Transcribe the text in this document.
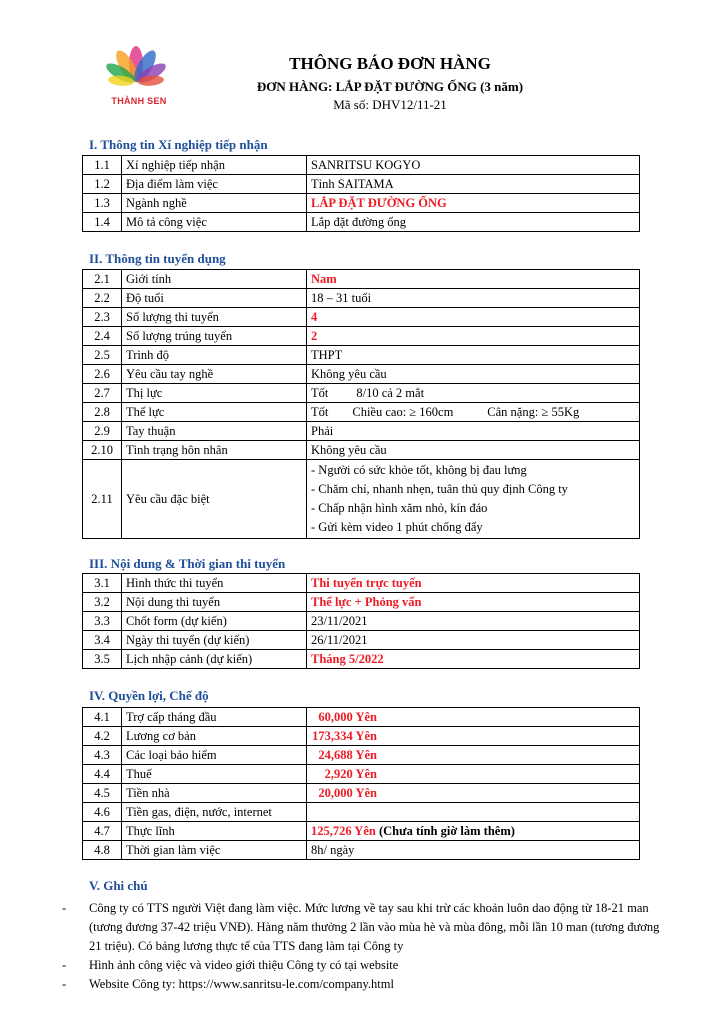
THÀNH SEN
THÔNG BÁO ĐƠN HÀNG
ĐƠN HÀNG: LẮP ĐẶT ĐƯỜNG ỐNG (3 năm)
Mã số: DHV12/11-21
I. Thông tin Xí nghiệp tiếp nhận
1.1	Xí nghiệp tiếp nhận	SANRITSU KOGYO
1.2	Địa điểm làm việc	Tỉnh SAITAMA
1.3	Ngành nghề	LẮP ĐẶT ĐƯỜNG ỐNG
1.4	Mô tả công việc	Lắp đặt đường ống
II. Thông tin tuyển dụng
2.1	Giới tính	Nam
2.2	Độ tuổi	18 – 31 tuổi
2.3	Số lượng thi tuyển	4
2.4	Số lượng trúng tuyển	2
2.5	Trình độ	THPT
2.6	Yêu cầu tay nghề	Không yêu cầu
2.7	Thị lực	Tốt 8/10 cả 2 mắt
2.8	Thể lực	Tốt Chiều cao: ≥ 160cm Cân nặng: ≥ 55Kg
2.9	Tay thuận	Phải
2.10	Tình trạng hôn nhân	Không yêu cầu
2.11	Yêu cầu đặc biệt	- Người có sức khỏe tốt, không bị đau lưng
- Chăm chỉ, nhanh nhẹn, tuân thủ quy định Công ty
- Chấp nhận hình xăm nhỏ, kín đáo
- Gửi kèm video 1 phút chống đẩy
III. Nội dung & Thời gian thi tuyển
3.1	Hình thức thi tuyển	Thi tuyển trực tuyến
3.2	Nội dung thi tuyển	Thể lực + Phỏng vấn
3.3	Chốt form (dự kiến)	23/11/2021
3.4	Ngày thi tuyển (dự kiến)	26/11/2021
3.5	Lịch nhập cảnh (dự kiến)	Tháng 5/2022
IV. Quyền lợi, Chế độ
4.1	Trợ cấp tháng đầu	60,000 Yên
4.2	Lương cơ bản	173,334 Yên
4.3	Các loại bảo hiểm	24,688 Yên
4.4	Thuế	2,920 Yên
4.5	Tiền nhà	20,000 Yên
4.6	Tiền gas, điện, nước, internet	
4.7	Thực lĩnh	125,726 Yên (Chưa tính giờ làm thêm)
4.8	Thời gian làm việc	8h/ ngày
V. Ghi chú
-	Công ty có TTS người Việt đang làm việc. Mức lương về tay sau khi trừ các khoản luôn dao động từ 18-21 man (tương đương 37-42 triệu VNĐ). Hàng năm thưởng 2 lần vào mùa hè và mùa đông, mỗi lần 10 man (tương đương 21 triệu). Có bảng lương thực tế của TTS đang làm tại Công ty
-	Hình ảnh công việc và video giới thiệu Công ty có tại website
-	Website Công ty: https://www.sanritsu-le.com/company.html
